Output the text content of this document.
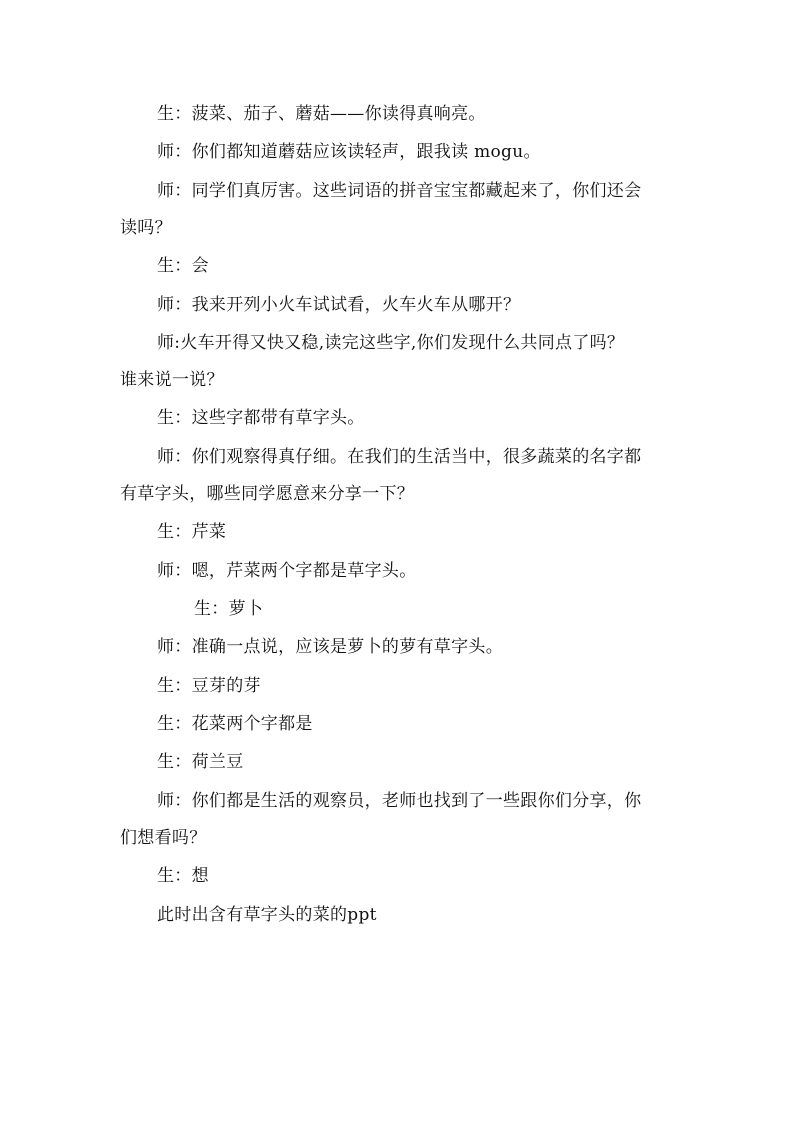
生：菠菜、茄子、蘑菇——你读得真响亮。
师：你们都知道蘑菇应该读轻声，跟我读 mogu。
师：同学们真厉害。这些词语的拼音宝宝都藏起来了，你们还会
读吗？
生：会
师：我来开列小火车试试看，火车火车从哪开？
师:火车开得又快又稳,读完这些字,你们发现什么共同点了吗？
谁来说一说？
生：这些字都带有草字头。
师：你们观察得真仔细。在我们的生活当中，很多蔬菜的名字都
有草字头，哪些同学愿意来分享一下？
生：芹菜
师：嗯，芹菜两个字都是草字头。
生：萝卜
师：准确一点说，应该是萝卜的萝有草字头。
生：豆芽的芽
生：花菜两个字都是
生：荷兰豆
师：你们都是生活的观察员，老师也找到了一些跟你们分享，你
们想看吗？
生：想
此时出含有草字头的菜的ppt
